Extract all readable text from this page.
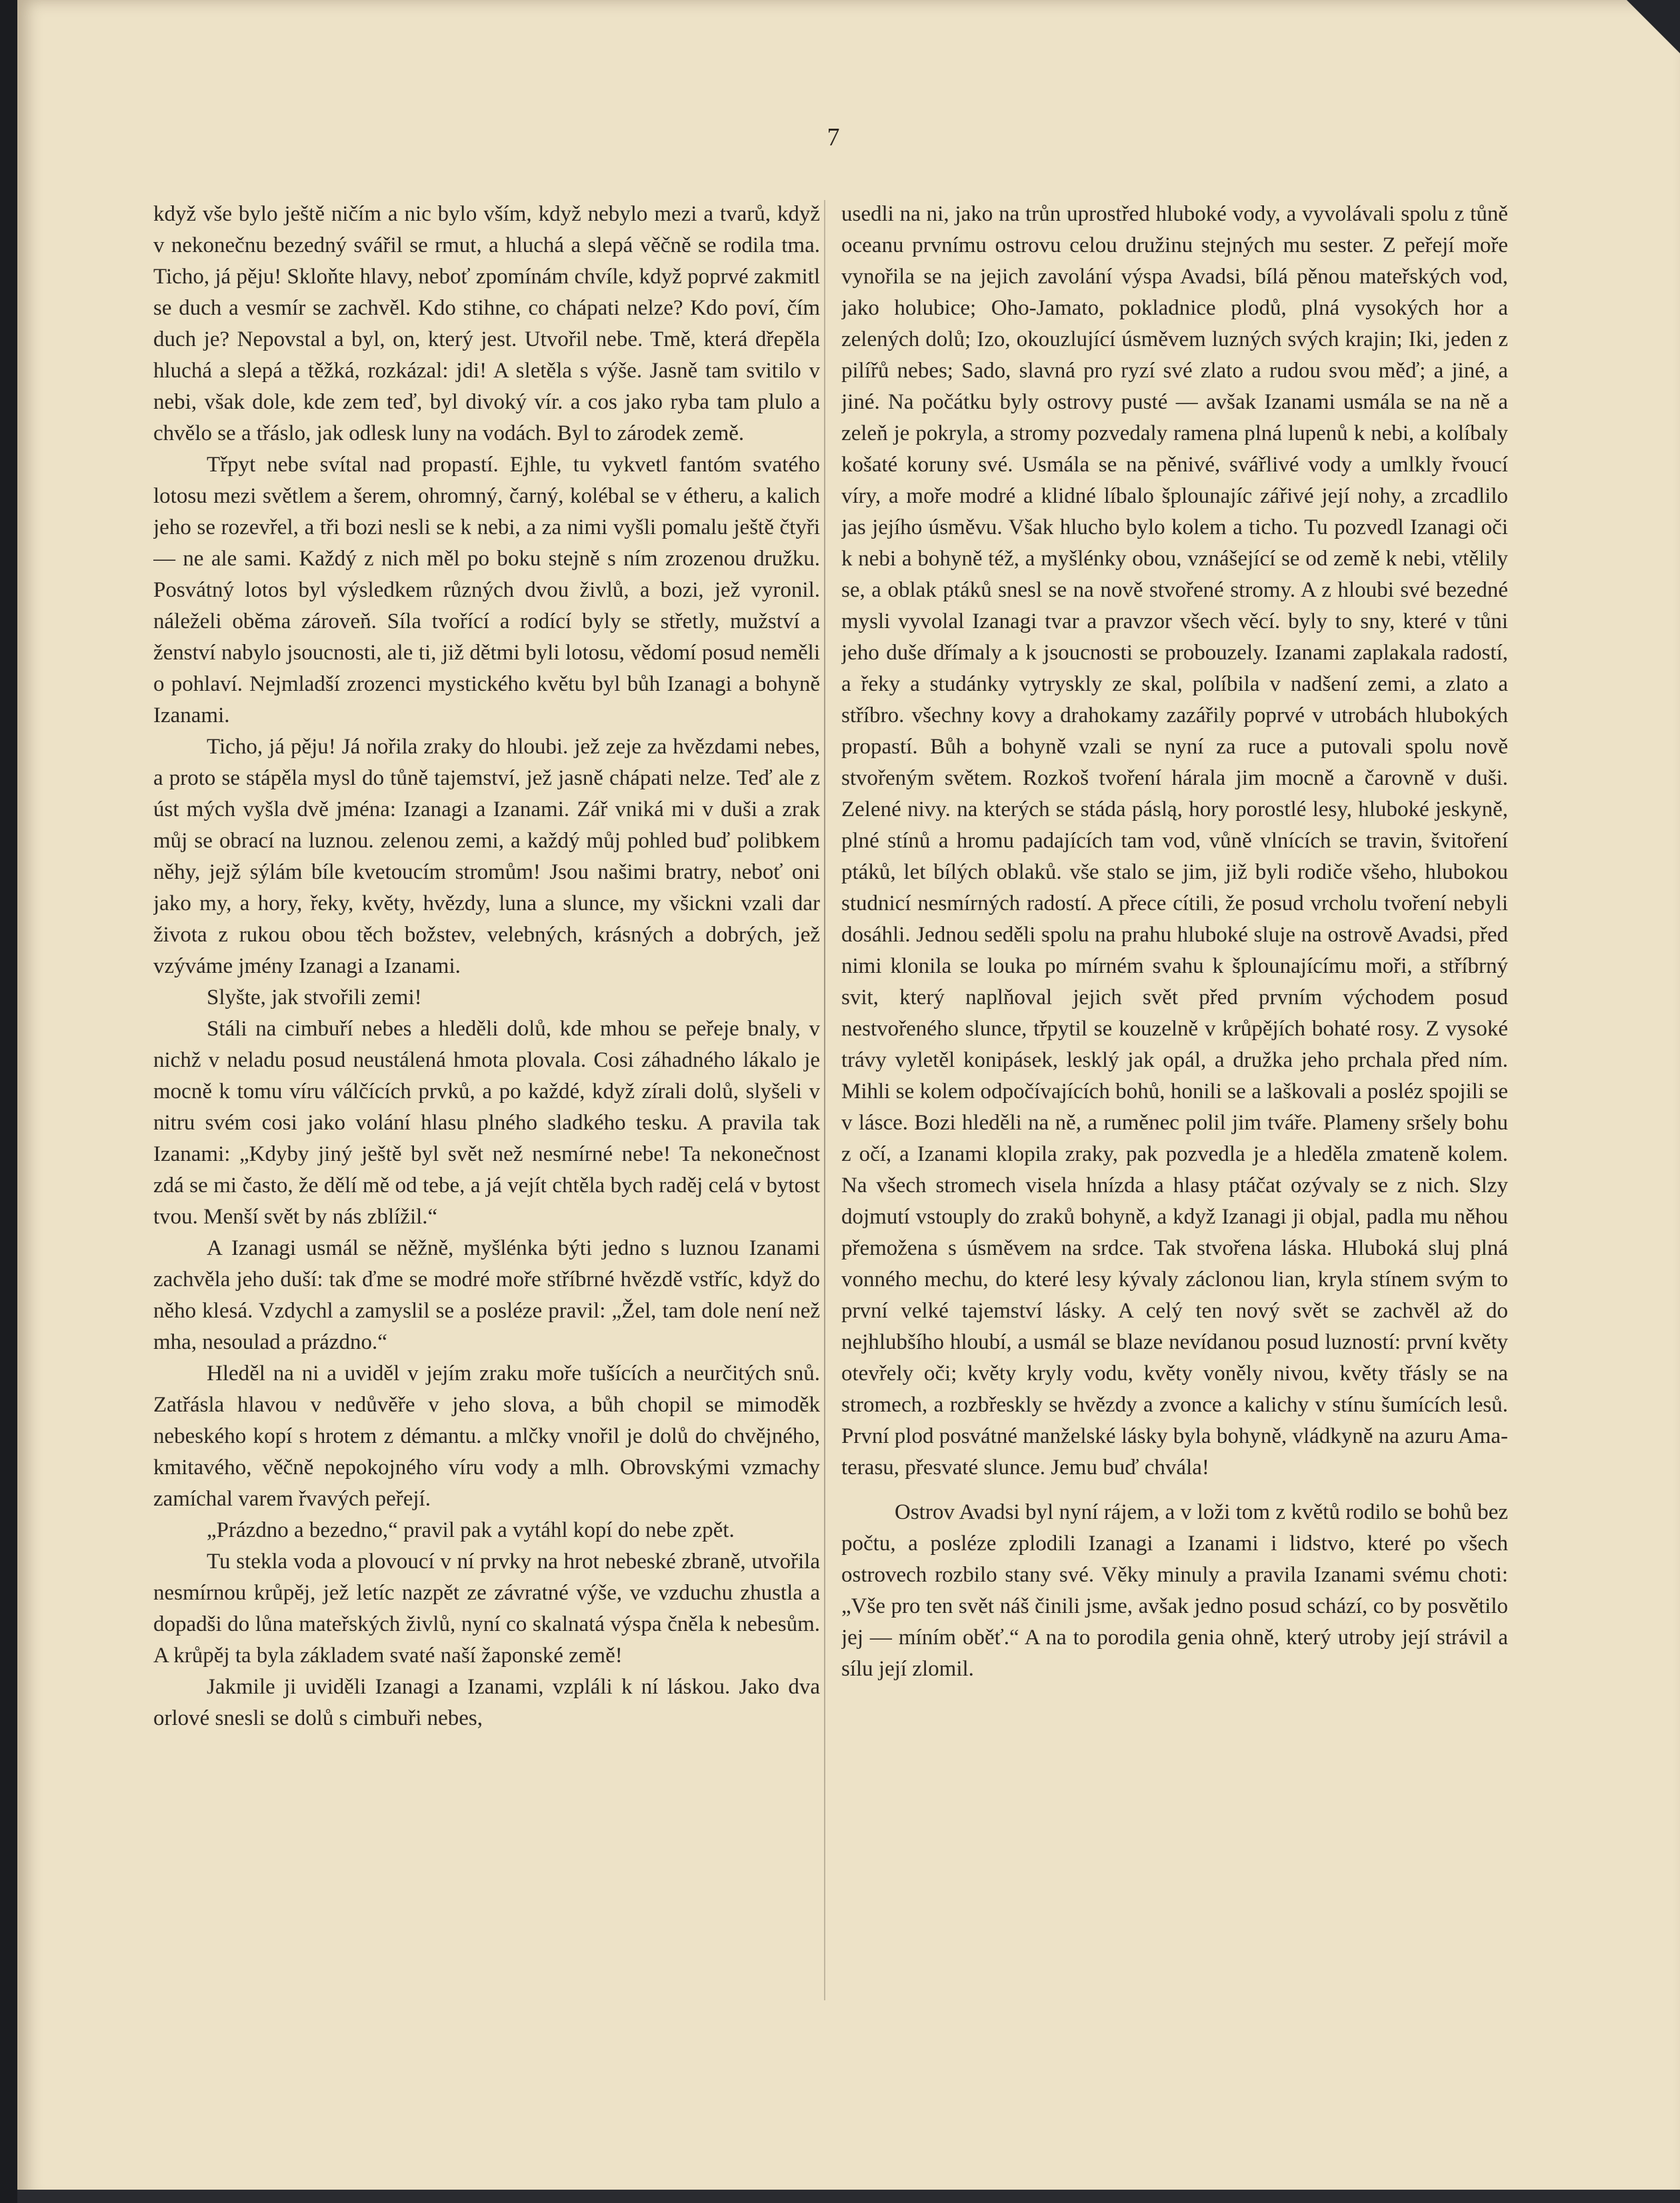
7

když vše bylo ještě ničím a nic bylo vším, když nebylo mezi a tvarů, když v nekonečnu bezedný svářil se rmut, a hluchá a slepá věčně se rodila tma. Ticho, já pěju! Skloňte hlavy, neboť zpomínám chvíle, když poprvé zakmitl se duch a vesmír se zachvěl. Kdo stihne, co chápati nelze? Kdo poví, čím duch je? Nepovstal a byl, on, který jest. Utvořil nebe. Tmě, která dřepěla hluchá a slepá a těžká, rozkázal: jdi! A sletěla s výše. Jasně tam svitilo v nebi, však dole, kde zem teď, byl divoký vír. a cos jako ryba tam plulo a chvělo se a třáslo, jak odlesk luny na vodách. Byl to zárodek země.

Třpyt nebe svítal nad propastí. Ejhle, tu vykvetl fantóm svatého lotosu mezi světlem a šerem, ohromný, čarný, kolébal se v étheru, a kalich jeho se rozevřel, a tři bozi nesli se k nebi, a za nimi vyšli pomalu ještě čtyři — ne ale sami. Každý z nich měl po boku stejně s ním zrozenou družku. Posvátný lotos byl výsledkem různých dvou živlů, a bozi, jež vyronil. náleželi oběma zároveň. Síla tvořící a rodící byly se střetly, mužství a ženství nabylo jsoucnosti, ale ti, již dětmi byli lotosu, vědomí posud neměli o pohlaví. Nejmladší zrozenci mystického květu byl bůh Izanagi a bohyně Izanami.

Ticho, já pěju! Já nořila zraky do hloubi. jež zeje za hvězdami nebes, a proto se stápěla mysl do tůně tajemství, jež jasně chápati nelze. Teď ale z úst mých vyšla dvě jména: Izanagi a Izanami. Zář vniká mi v duši a zrak můj se obrací na luznou. zelenou zemi, a každý můj pohled buď polibkem něhy, jejž sýlám bíle kvetoucím stromům! Jsou našimi bratry, neboť oni jako my, a hory, řeky, květy, hvězdy, luna a slunce, my všickni vzali dar života z rukou obou těch božstev, velebných, krásných a dobrých, jež vzýváme jmény Izanagi a Izanami.

Slyšte, jak stvořili zemi!

Stáli na cimbuří nebes a hleděli dolů, kde mhou se peřeje bnaly, v nichž v neladu posud neustálená hmota plovala. Cosi záhadného lákalo je mocně k tomu víru válčících prvků, a po každé, když zírali dolů, slyšeli v nitru svém cosi jako volání hlasu plného sladkého tesku. A pravila tak Izanami: „Kdyby jiný ještě byl svět než nesmírné nebe! Ta nekonečnost zdá se mi často, že dělí mě od tebe, a já vejít chtěla bych raděj celá v bytost tvou. Menší svět by nás zblížil.“

A Izanagi usmál se něžně, myšlénka býti jedno s luznou Izanami zachvěla jeho duší: tak ďme se modré moře stříbrné hvězdě vstříc, když do něho klesá. Vzdychl a zamyslil se a posléze pravil: „Žel, tam dole není než mha, nesoulad a prázdno.“

Hleděl na ni a uviděl v jejím zraku moře tušících a neurčitých snů. Zatřásla hlavou v nedůvěře v jeho slova, a bůh chopil se mimoděk nebeského kopí s hrotem z démantu. a mlčky vnořil je dolů do chvějného, kmitavého, věčně nepokojného víru vody a mlh. Obrovskými vzmachy zamíchal varem řvavých peřejí.

„Prázdno a bezedno,“ pravil pak a vytáhl kopí do nebe zpět.

Tu stekla voda a plovoucí v ní prvky na hrot nebeské zbraně, utvořila nesmírnou krůpěj, jež letíc nazpět ze závratné výše, ve vzduchu zhustla a dopadši do lůna mateřských živlů, nyní co skalnatá výspa čněla k nebesům. A krůpěj ta byla základem svaté naší žaponské země!

Jakmile ji uviděli Izanagi a Izanami, vzpláli k ní láskou. Jako dva orlové snesli se dolů s cimbuři nebes,

usedli na ni, jako na trůn uprostřed hluboké vody, a vyvolávali spolu z tůně oceanu prvnímu ostrovu celou družinu stejných mu sester. Z peřejí moře vynořila se na jejich zavolání výspa Avadsi, bílá pěnou mateřských vod, jako holubice; Oho-Jamato, pokladnice plodů, plná vysokých hor a zelených dolů; Izo, okouzlující úsměvem luzných svých krajin; Iki, jeden z pilířů nebes; Sado, slavná pro ryzí své zlato a rudou svou měď; a jiné, a jiné. Na počátku byly ostrovy pusté — avšak Izanami usmála se na ně a zeleň je pokryla, a stromy pozvedaly ramena plná lupenů k nebi, a kolíbaly košaté koruny své. Usmála se na pěnivé, svářlivé vody a umlkly řvoucí víry, a moře modré a klidné líbalo šplounajíc zářivé její nohy, a zrcadlilo jas jejího úsměvu. Však hlucho bylo kolem a ticho. Tu pozvedl Izanagi oči k nebi a bohyně též, a myšlénky obou, vznášející se od země k nebi, vtělily se, a oblak ptáků snesl se na nově stvořené stromy. A z hloubi své bezedné mysli vyvolal Izanagi tvar a pravzor všech věcí. byly to sny, které v tůni jeho duše dřímaly a k jsoucnosti se probouzely. Izanami zaplakala radostí, a řeky a studánky vytryskly ze skal, políbila v nadšení zemi, a zlato a stříbro. všechny kovy a drahokamy zazářily poprvé v utrobách hlubokých propastí. Bůh a bohyně vzali se nyní za ruce a putovali spolu nově stvořeným světem. Rozkoš tvoření hárala jim mocně a čarovně v duši. Zelené nivy. na kterých se stáda páslą, hory porostlé lesy, hluboké jeskyně, plné stínů a hromu padajících tam vod, vůně vlnících se travin, švitoření ptáků, let bílých oblaků. vše stalo se jim, již byli rodiče všeho, hlubokou studnicí nesmírných radostí. A přece cítili, že posud vrcholu tvoření nebyli dosáhli. Jednou seděli spolu na prahu hluboké sluje na ostrově Avadsi, před nimi klonila se louka po mírném svahu k šplounajícímu moři, a stříbrný svit, který naplňoval jejich svět před prvním východem posud nestvořeného slunce, třpytil se kouzelně v krůpějích bohaté rosy. Z vysoké trávy vyletěl konipásek, lesklý jak opál, a družka jeho prchala před ním. Mihli se kolem odpočívajících bohů, honili se a laškovali a posléz spojili se v lásce. Bozi hleděli na ně, a ruměnec polil jim tváře. Plameny sršely bohu z očí, a Izanami klopila zraky, pak pozvedla je a hleděla zmateně kolem. Na všech stromech visela hnízda a hlasy ptáčat ozývaly se z nich. Slzy dojmutí vstouply do zraků bohyně, a když Izanagi ji objal, padla mu něhou přemožena s úsměvem na srdce. Tak stvořena láska. Hluboká sluj plná vonného mechu, do které lesy kývaly záclonou lian, kryla stínem svým to první velké tajemství lásky. A celý ten nový svět se zachvěl až do nejhlubšího hloubí, a usmál se blaze nevídanou posud luzností: první květy otevřely oči; květy kryly vodu, květy voněly nivou, květy třásly se na stromech, a rozbřeskly se hvězdy a zvonce a kalichy v stínu šumících lesů. První plod posvátné manželské lásky byla bohyně, vládkyně na azuru Ama-terasu, přesvaté slunce. Jemu buď chvála!

Ostrov Avadsi byl nyní rájem, a v loži tom z květů rodilo se bohů bez počtu, a posléze zplodili Izanagi a Izanami i lidstvo, které po všech ostrovech rozbilo stany své. Věky minuly a pravila Izanami svému choti: „Vše pro ten svět náš činili jsme, avšak jedno posud schází, co by posvětilo jej — míním oběť.“ A na to porodila genia ohně, který utroby její strávil a sílu její zlomil.
